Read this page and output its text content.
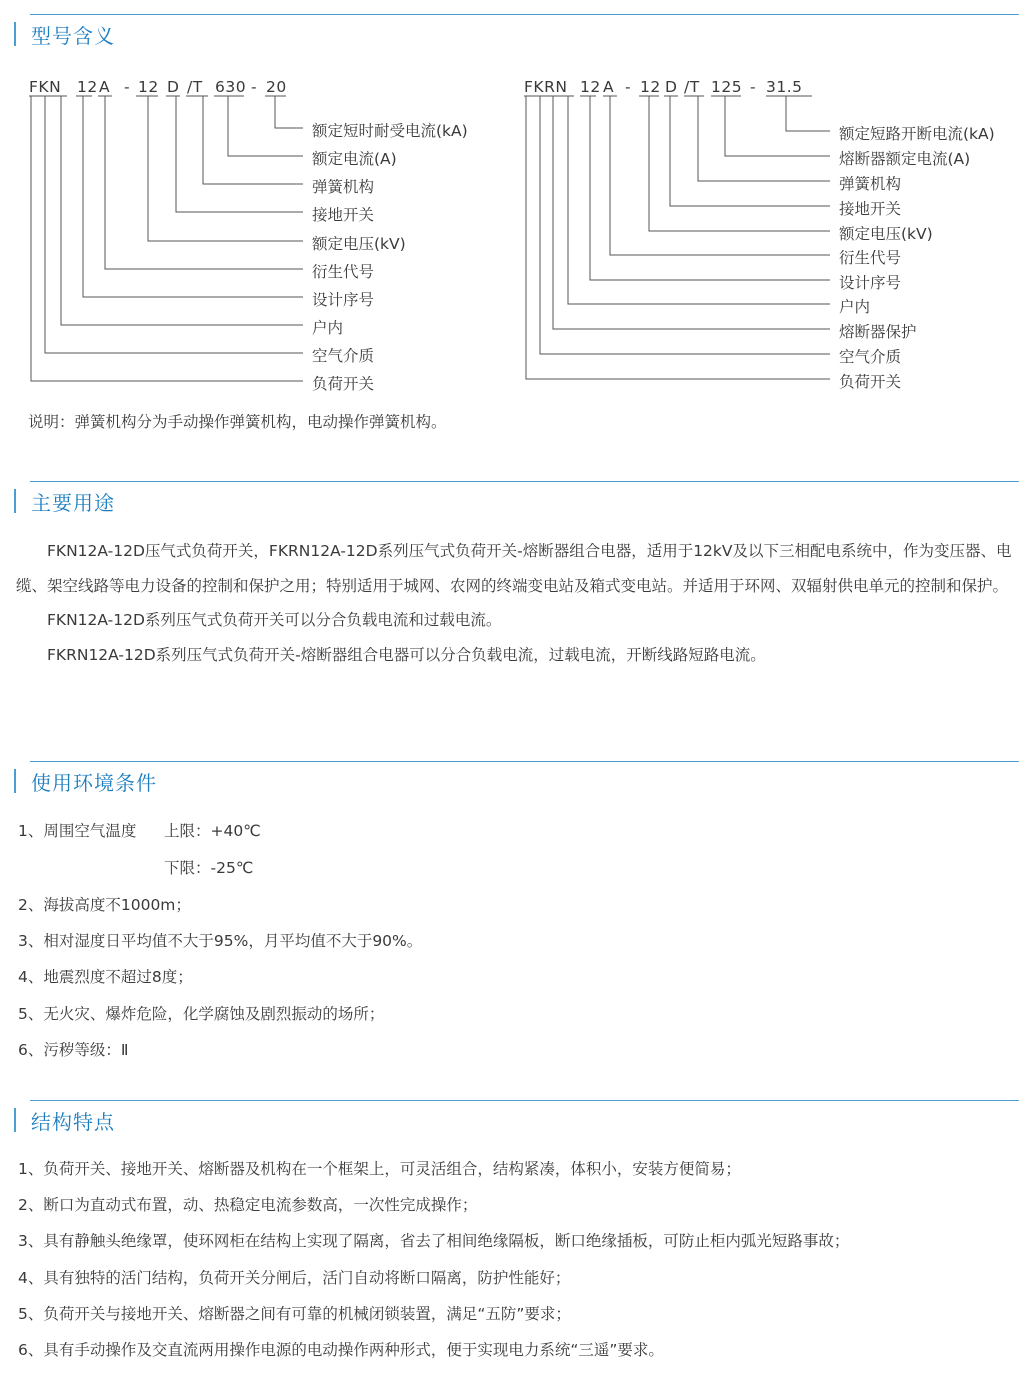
型号含义
FKN 12 A - 12 D /T 630 - 20	FKRN 12 A - 12 D /T 125 - 31.5
额定短时耐受电流(kA)
额定电流(A)
弹簧机构
接地开关
额定电压(kV)
衍生代号
设计序号
户内
空气介质
负荷开关
额定短路开断电流(kA)
熔断器额定电流(A)
弹簧机构
接地开关
额定电压(kV)
衍生代号
设计序号
户内
熔断器保护
空气介质
负荷开关
说明：弹簧机构分为手动操作弹簧机构，电动操作弹簧机构。
主要用途

FKN12A-12D压气式负荷开关，FKRN12A-12D系列压气式负荷开关-熔断器组合电器，适用于12kV及以下三相配电系统中，作为变压器、电缆、架空线路等电力设备的控制和保护之用；特别适用于城网、农网的终端变电站及箱式变电站。并适用于环网、双辐射供电单元的控制和保护。

FKN12A-12D系列压气式负荷开关可以分合负载电流和过载电流。

FKRN12A-12D系列压气式负荷开关-熔断器组合电器可以分合负载电流，过载电流，开断线路短路电流。

使用环境条件
1、周围空气温度 上限：+40℃
下限：-25℃
2、海拔高度不1000m；
3、相对湿度日平均值不大于95%，月平均值不大于90%。
4、地震烈度不超过8度；
5、无火灾、爆炸危险，化学腐蚀及剧烈振动的场所；
6、污秽等级：Ⅱ
结构特点
1、负荷开关、接地开关、熔断器及机构在一个框架上，可灵活组合，结构紧凑，体积小，安装方便简易；
2、断口为直动式布置，动、热稳定电流参数高，一次性完成操作；
3、具有静触头绝缘罩，使环网柜在结构上实现了隔离，省去了相间绝缘隔板，断口绝缘插板，可防止柜内弧光短路事故；
4、具有独特的活门结构，负荷开关分闸后，活门自动将断口隔离，防护性能好；
5、负荷开关与接地开关、熔断器之间有可靠的机械闭锁装置，满足“五防”要求；
6、具有手动操作及交直流两用操作电源的电动操作两种形式，便于实现电力系统“三遥”要求。
